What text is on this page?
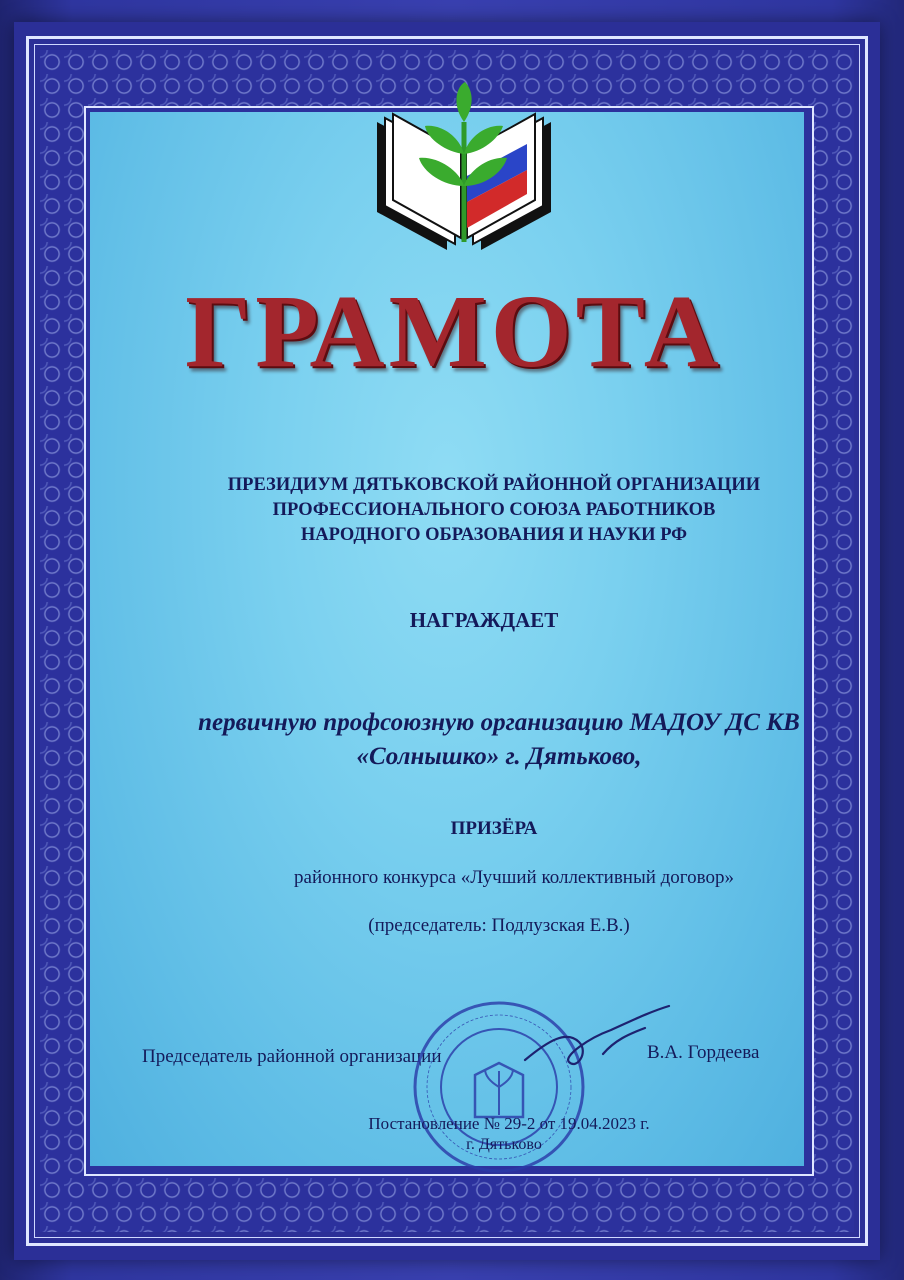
ГРАМОТА
ПРЕЗИДИУМ ДЯТЬКОВСКОЙ РАЙОННОЙ ОРГАНИЗАЦИИ
ПРОФЕССИОНАЛЬНОГО СОЮЗА РАБОТНИКОВ
НАРОДНОГО ОБРАЗОВАНИЯ И НАУКИ РФ
НАГРАЖДАЕТ
первичную профсоюзную организацию МАДОУ ДС КВ
«Солнышко» г. Дятьково,
ПРИЗЁРА
районного конкурса «Лучший коллективный договор»
(председатель: Подлузская Е.В.)
Председатель районной организации	В.А. Гордеева
Постановление № 29-2 от 19.04.2023 г.
г. Дятьково
